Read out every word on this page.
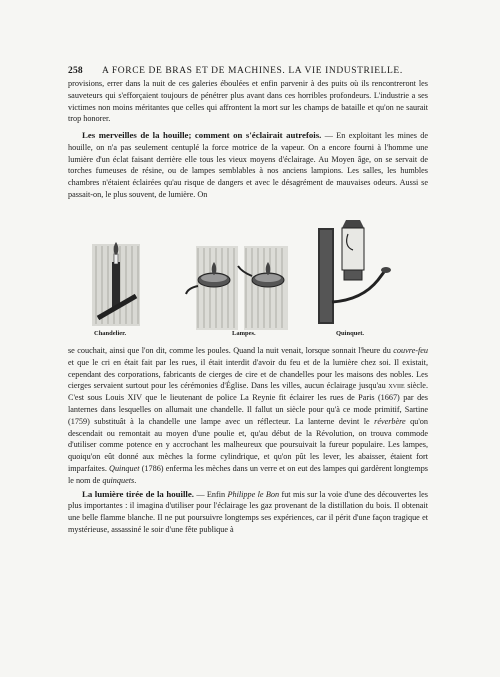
258 A FORCE DE BRAS ET DE MACHINES. LA VIE INDUSTRIELLE.

provisions, errer dans la nuit de ces galeries éboulées et enfin parvenir à des puits où ils rencontreront les sauveteurs qui s'efforçaient toujours de pénétrer plus avant dans ces horribles profondeurs. L'industrie a ses victimes non moins méritantes que celles qui affrontent la mort sur les champs de bataille et qu'on ne saurait trop honorer.

Les merveilles de la houille; comment on s'éclairait autrefois. — En exploitant les mines de houille, on n'a pas seulement centuplé la force motrice de la vapeur. On a encore fourni à l'homme une lumière d'un éclat faisant derrière elle tous les vieux moyens d'éclairage. Au Moyen âge, on se servait de torches fumeuses de résine, ou de lampes semblables à nos anciens lampions. Les salles, les humbles chambres n'étaient éclairées qu'au risque de dangers et avec le désagrément de mauvaises odeurs. Aussi se passait-on, le plus souvent, de lumière. On

Chandelier.	Lampes.	Quinquet.

se couchait, ainsi que l'on dit, comme les poules. Quand la nuit venait, lorsque sonnait l'heure du couvre-feu et que le cri en était fait par les rues, il était interdit d'avoir du feu et de la lumière chez soi. Il existait, cependant des corporations, fabricants de cierges de cire et de chandelles pour les maisons des nobles. Les cierges servaient surtout pour les cérémonies d'Église. Dans les villes, aucun éclairage jusqu'au xviie siècle. C'est sous Louis XIV que le lieutenant de police La Reynie fit éclairer les rues de Paris (1667) par des lanternes dans lesquelles on allumait une chandelle. Il fallut un siècle pour qu'à ce mode primitif, Sartine (1759) substituât à la chandelle une lampe avec un réflecteur. La lanterne devint le réverbère qu'on descendait ou remontait au moyen d'une poulie et, qu'au début de la Révolution, on trouva commode d'utiliser comme potence en y accrochant les malheureux que poursuivait la fureur populaire. Les lampes, quoiqu'on eût donné aux mèches la forme cylindrique, et qu'on pût les lever, les abaisser, étaient fort imparfaites. Quinquet (1786) enferma les mèches dans un verre et on eut des lampes qui gardèrent longtemps le nom de quinquets.

La lumière tirée de la houille. — Enfin Philippe le Bon fut mis sur la voie d'une des découvertes les plus importantes : il imagina d'utiliser pour l'éclairage les gaz provenant de la distillation du bois. Il obtenait une belle flamme blanche. Il ne put poursuivre longtemps ses expériences, car il périt d'une façon tragique et mystérieuse, assassiné le soir d'une fête publique à
